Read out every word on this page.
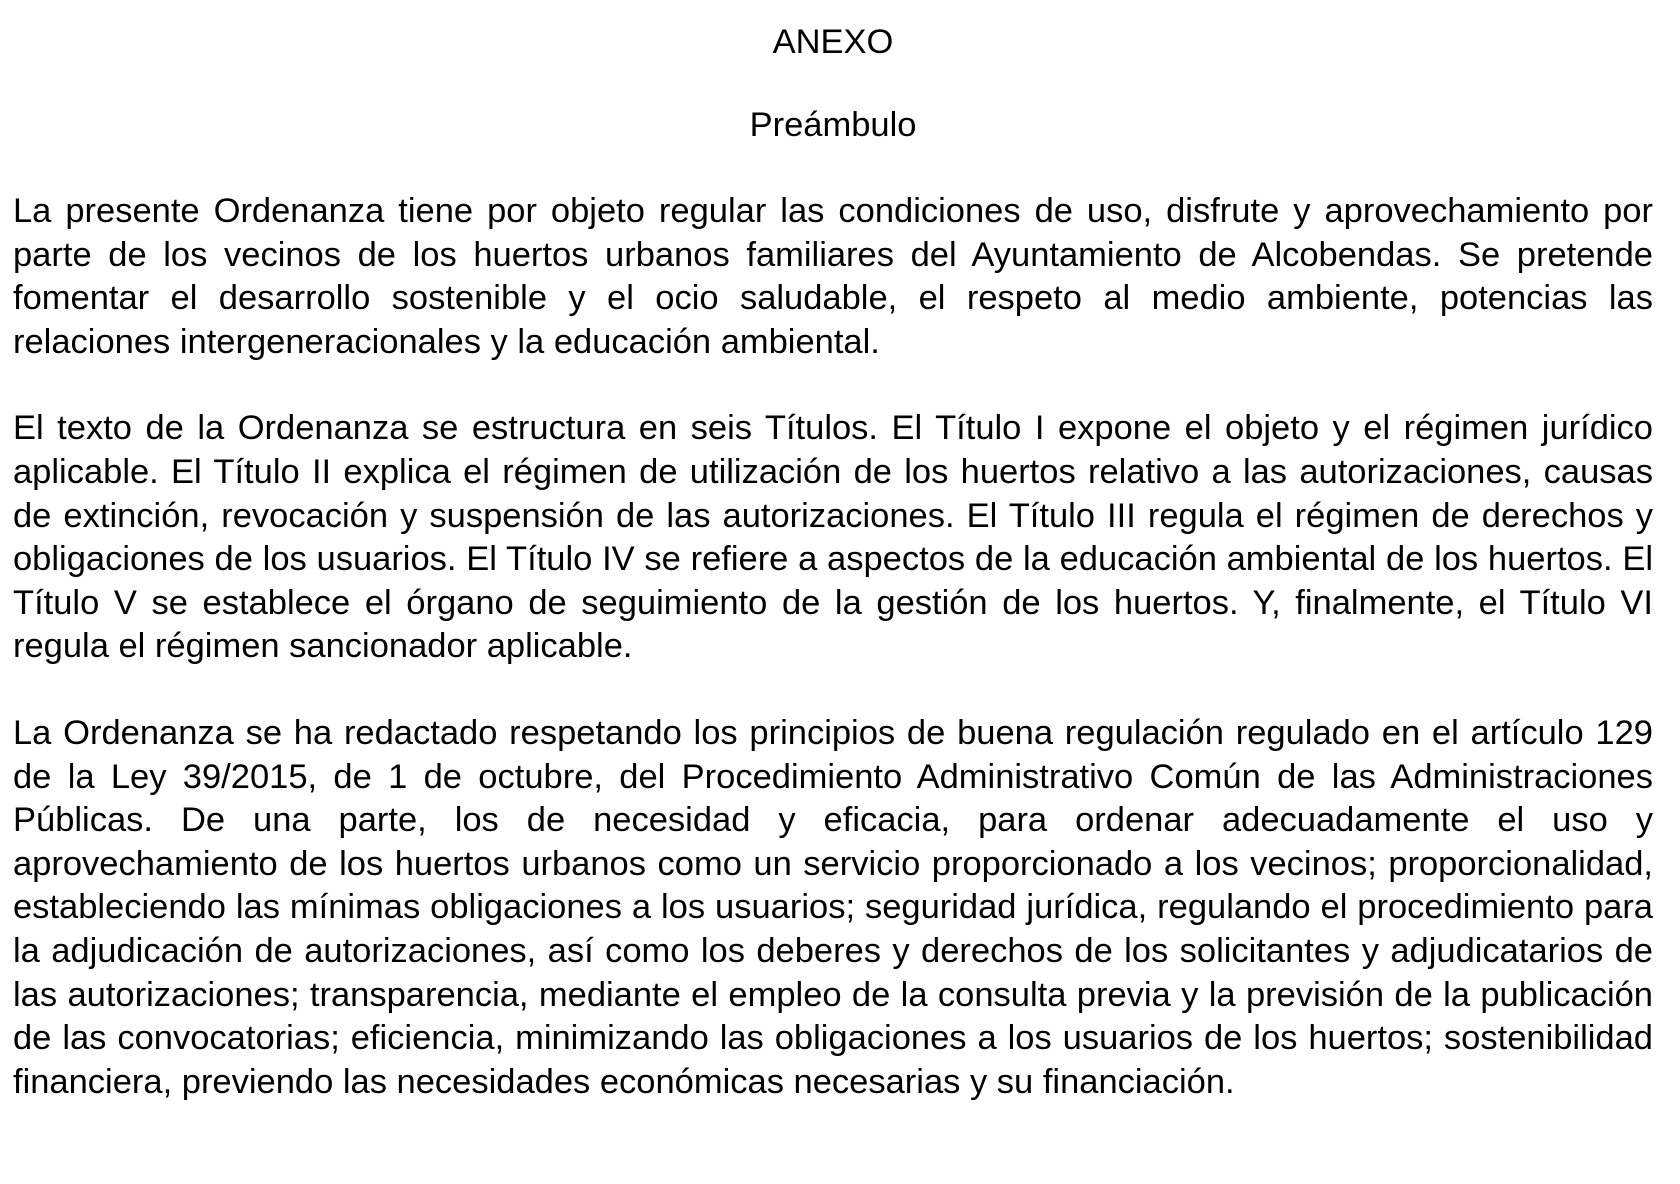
ANEXO
Preámbulo

La presente Ordenanza tiene por objeto regular las condiciones de uso, disfrute y aprovechamiento por parte de los vecinos de los huertos urbanos familiares del Ayuntamiento de Alcobendas. Se pretende fomentar el desarrollo sostenible y el ocio saludable, el respeto al medio ambiente, potencias las relaciones intergeneracionales y la educación ambiental.

El texto de la Ordenanza se estructura en seis Títulos. El Título I expone el objeto y el régimen jurídico aplicable. El Título II explica el régimen de utilización de los huertos relativo a las autorizaciones, causas de extinción, revocación y suspensión de las autorizaciones. El Título III regula el régimen de derechos y obligaciones de los usuarios. El Título IV se refiere a aspectos de la educación ambiental de los huertos. El Título V se establece el órgano de seguimiento de la gestión de los huertos. Y, finalmente, el Título VI regula el régimen sancionador aplicable.

La Ordenanza se ha redactado respetando los principios de buena regulación regulado en el artículo 129 de la Ley 39/2015, de 1 de octubre, del Procedimiento Administrativo Común de las Administraciones Públicas. De una parte, los de necesidad y eficacia, para ordenar adecuadamente el uso y aprovechamiento de los huertos urbanos como un servicio proporcionado a los vecinos; proporcionalidad, estableciendo las mínimas obligaciones a los usuarios; seguridad jurídica, regulando el procedimiento para la adjudicación de autorizaciones, así como los deberes y derechos de los solicitantes y adjudicatarios de las autorizaciones; transparencia, mediante el empleo de la consulta previa y la previsión de la publicación de las convocatorias; eficiencia, minimizando las obligaciones a los usuarios de los huertos; sostenibilidad financiera, previendo las necesidades económicas necesarias y su financiación.
